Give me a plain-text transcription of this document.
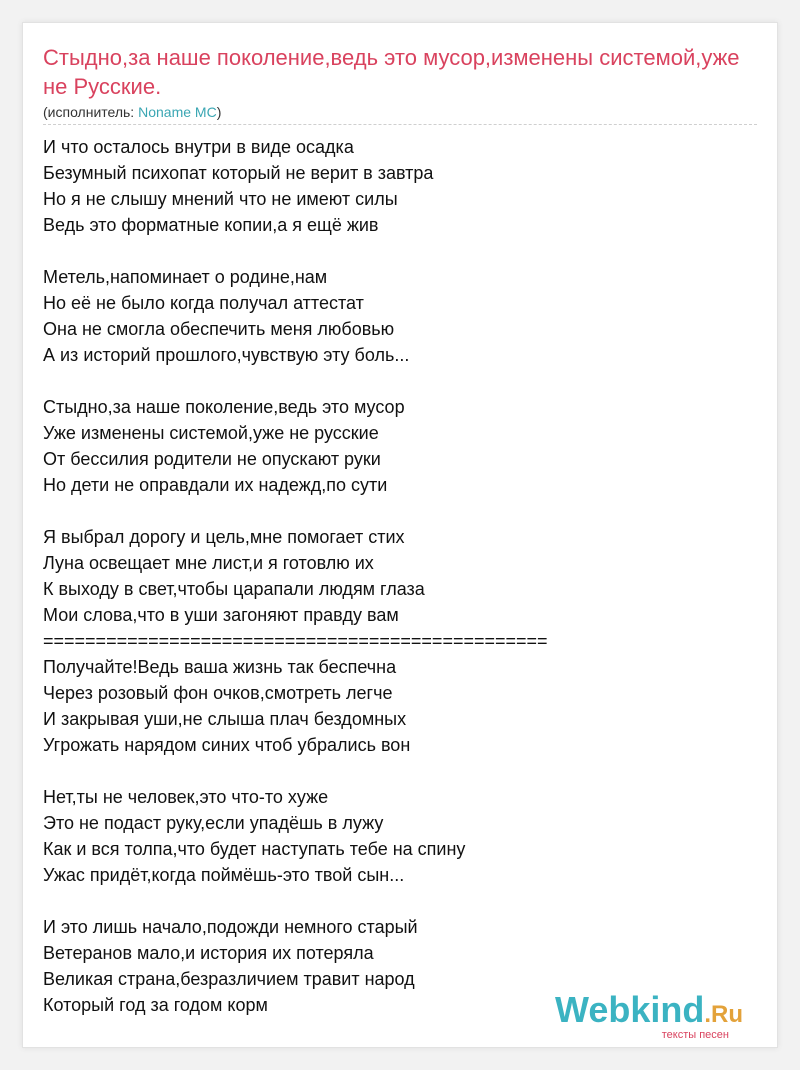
Стыдно,за наше поколение,ведь это мусор,изменены системой,уже не Русские.
(исполнитель: Noname MC)
И что осталось внутри в виде осадка
Безумный психопат который не верит в завтра
Но я не слышу мнений что не имеют силы
Ведь это форматные копии,а я ещё жив
Метель,напоминает о родине,нам
Но её не было когда получал аттестат
Она не смогла обеспечить меня любовью
А из историй прошлого,чувствую эту боль...
Стыдно,за наше поколение,ведь это мусор
Уже изменены системой,уже не русские
От бессилия родители не опускают руки
Но дети не оправдали их надежд,по сути
Я выбрал дорогу и цель,мне помогает стих
Луна освещает мне лист,и я готовлю их
К выходу в свет,чтобы царапали людям глаза
Мои слова,что в уши загоняют правду вам
================================================
Получайте!Ведь ваша жизнь так беспечна
Через розовый фон очков,смотреть легче
И закрывая уши,не слыша плач бездомных
Угрожать нарядом синих чтоб убрались вон
Нет,ты не человек,это что-то хуже
Это не подаст руку,если упадёшь в лужу
Как и вся толпа,что будет наступать тебе на спину
Ужас придёт,когда поймёшь-это твой сын...
И это лишь начало,подожди немного старый
Ветеранов мало,и история их потеряла
Великая страна,безразличием травит народ
Который год за годом корм	Webkind.Ru
тексты песен
